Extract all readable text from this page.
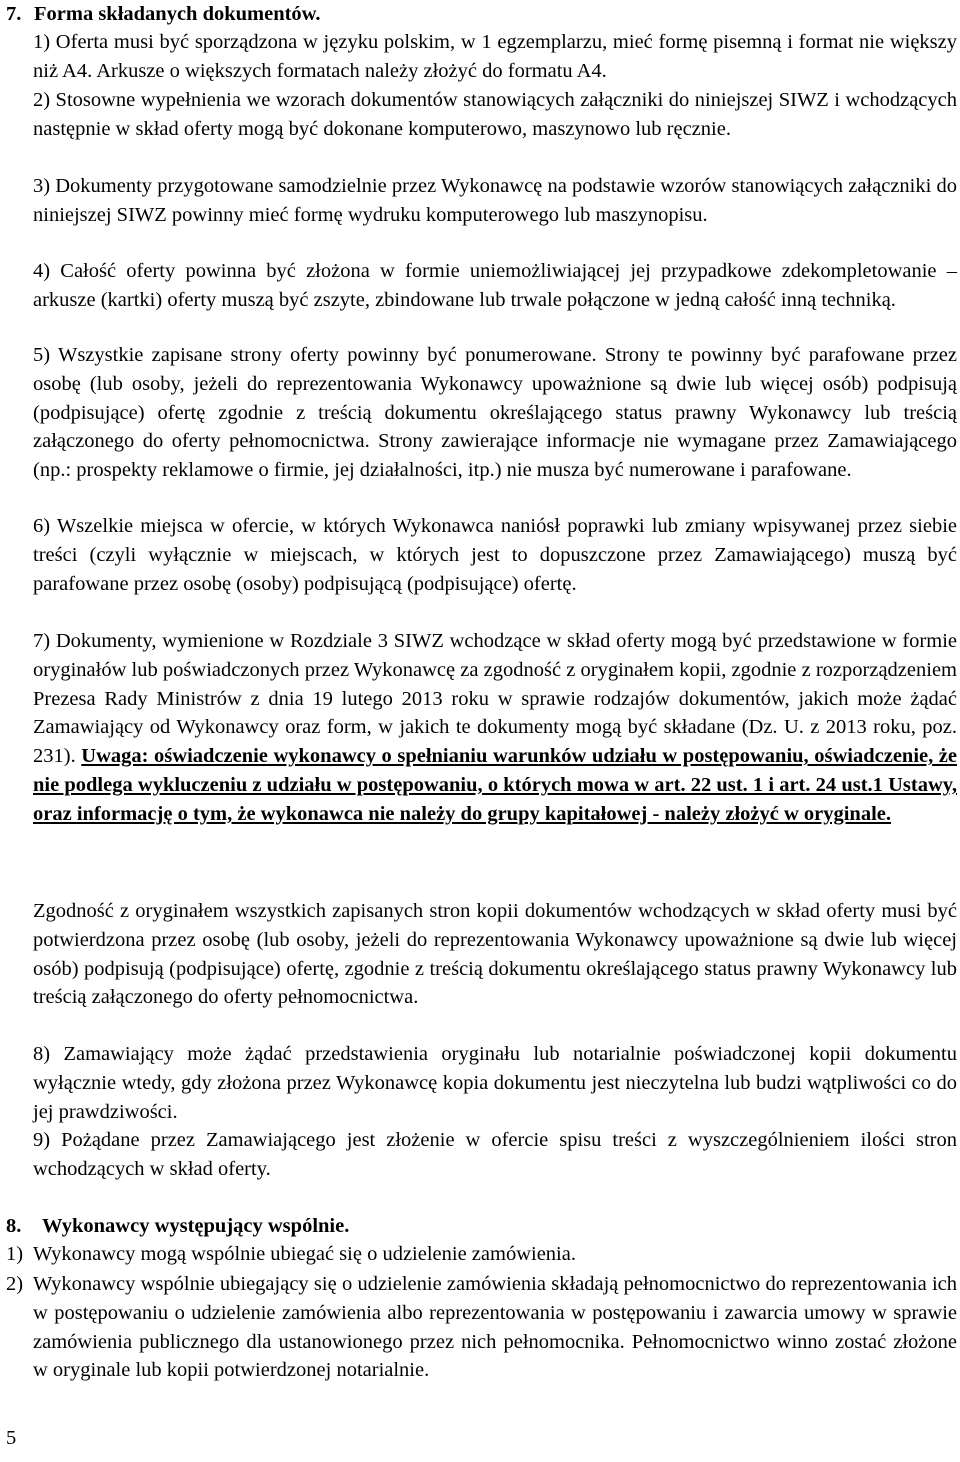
7. Forma składanych dokumentów.
1) Oferta musi być sporządzona w języku polskim, w 1 egzemplarzu, mieć formę pisemną i format nie większy niż A4. Arkusze o większych formatach należy złożyć do formatu A4.
2) Stosowne wypełnienia we wzorach dokumentów stanowiących załączniki do niniejszej SIWZ i wchodzących następnie w skład oferty mogą być dokonane komputerowo, maszynowo lub ręcznie.
3) Dokumenty przygotowane samodzielnie przez Wykonawcę na podstawie wzorów stanowiących załączniki do niniejszej SIWZ powinny mieć formę wydruku komputerowego lub maszynopisu.
4) Całość oferty powinna być złożona w formie uniemożliwiającej jej przypadkowe zdekompletowanie – arkusze (kartki) oferty muszą być zszyte, zbindowane lub trwale połączone w jedną całość inną techniką.
5) Wszystkie zapisane strony oferty powinny być ponumerowane. Strony te powinny być parafowane przez osobę (lub osoby, jeżeli do reprezentowania Wykonawcy upoważnione są dwie lub więcej osób) podpisują (podpisujące) ofertę zgodnie z treścią dokumentu określającego status prawny Wykonawcy lub treścią załączonego do oferty pełnomocnictwa. Strony zawierające informacje nie wymagane przez Zamawiającego (np.: prospekty reklamowe o firmie, jej działalności, itp.) nie musza być numerowane i parafowane.
6) Wszelkie miejsca w ofercie, w których Wykonawca naniósł poprawki lub zmiany wpisywanej przez siebie treści (czyli wyłącznie w miejscach, w których jest to dopuszczone przez Zamawiającego) muszą być parafowane przez osobę (osoby) podpisującą (podpisujące) ofertę.
7) Dokumenty, wymienione w Rozdziale 3 SIWZ wchodzące w skład oferty mogą być przedstawione w formie oryginałów lub poświadczonych przez Wykonawcę za zgodność z oryginałem kopii, zgodnie z rozporządzeniem Prezesa Rady Ministrów z dnia 19 lutego 2013 roku w sprawie rodzajów dokumentów, jakich może żądać Zamawiający od Wykonawcy oraz form, w jakich te dokumenty mogą być składane (Dz. U. z 2013 roku, poz. 231). Uwaga: oświadczenie wykonawcy o spełnianiu warunków udziału w postępowaniu, oświadczenie, że nie podlega wykluczeniu z udziału w postępowaniu, o których mowa w art. 22 ust. 1 i art. 24 ust.1 Ustawy, oraz informację o tym, że wykonawca nie należy do grupy kapitałowej - należy złożyć w oryginale.
Zgodność z oryginałem wszystkich zapisanych stron kopii dokumentów wchodzących w skład oferty musi być potwierdzona przez osobę (lub osoby, jeżeli do reprezentowania Wykonawcy upoważnione są dwie lub więcej osób) podpisują (podpisujące) ofertę, zgodnie z treścią dokumentu określającego status prawny Wykonawcy lub treścią załączonego do oferty pełnomocnictwa.
8) Zamawiający może żądać przedstawienia oryginału lub notarialnie poświadczonej kopii dokumentu wyłącznie wtedy, gdy złożona przez Wykonawcę kopia dokumentu jest nieczytelna lub budzi wątpliwości co do jej prawdziwości.
9) Pożądane przez Zamawiającego jest złożenie w ofercie spisu treści z wyszczególnieniem ilości stron wchodzących w skład oferty.
8. Wykonawcy występujący wspólnie.
1) Wykonawcy mogą wspólnie ubiegać się o udzielenie zamówienia.
2) Wykonawcy wspólnie ubiegający się o udzielenie zamówienia składają pełnomocnictwo do reprezentowania ich w postępowaniu o udzielenie zamówienia albo reprezentowania w postępowaniu i zawarcia umowy w sprawie zamówienia publicznego dla ustanowionego przez nich pełnomocnika. Pełnomocnictwo winno zostać złożone w oryginale lub kopii potwierdzonej notarialnie.
5
